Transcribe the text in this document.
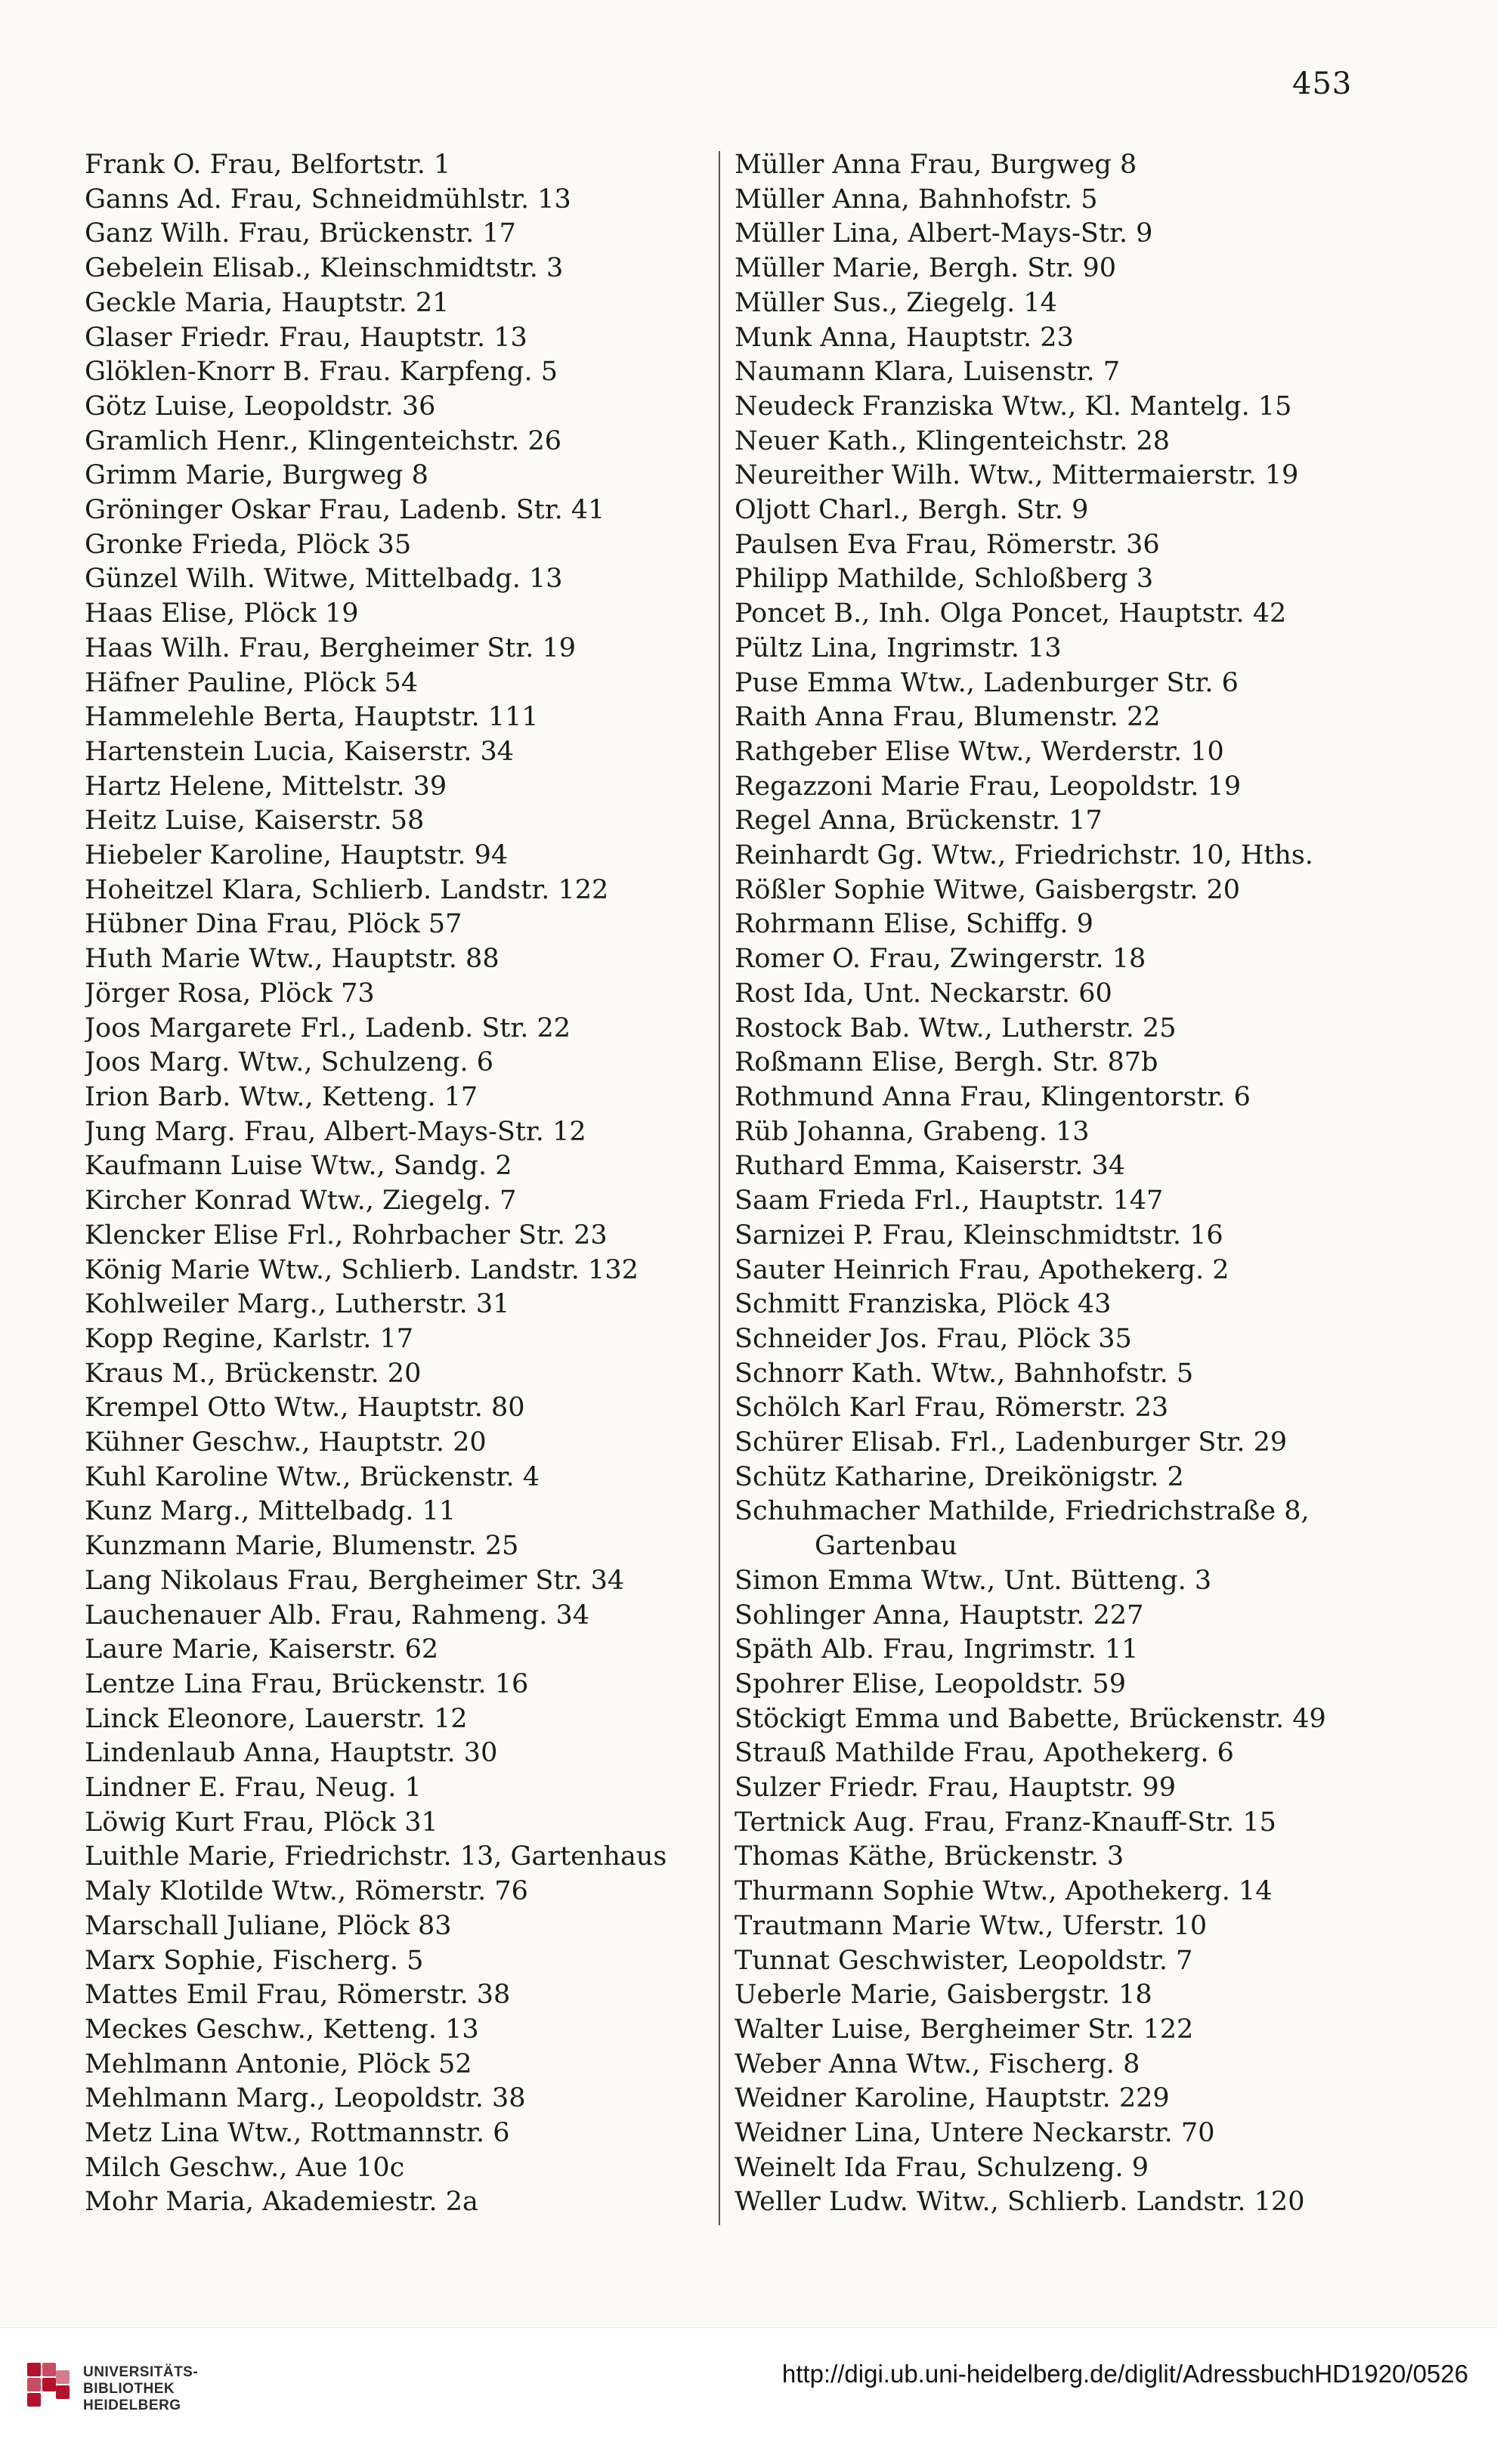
453
Frank O. Frau, Belfortstr. 1
Ganns Ad. Frau, Schneidmühlstr. 13
Ganz Wilh. Frau, Brückenstr. 17
Gebelein Elisab., Kleinschmidtstr. 3
Geckle Maria, Hauptstr. 21
Glaser Friedr. Frau, Hauptstr. 13
Glöklen-Knorr B. Frau. Karpfeng. 5
Götz Luise, Leopoldstr. 36
Gramlich Henr., Klingenteichstr. 26
Grimm Marie, Burgweg 8
Gröninger Oskar Frau, Ladenb. Str. 41
Gronke Frieda, Plöck 35
Günzel Wilh. Witwe, Mittelbadg. 13
Haas Elise, Plöck 19
Haas Wilh. Frau, Bergheimer Str. 19
Häfner Pauline, Plöck 54
Hammelehle Berta, Hauptstr. 111
Hartenstein Lucia, Kaiserstr. 34
Hartz Helene, Mittelstr. 39
Heitz Luise, Kaiserstr. 58
Hiebeler Karoline, Hauptstr. 94
Hoheitzel Klara, Schlierb. Landstr. 122
Hübner Dina Frau, Plöck 57
Huth Marie Wtw., Hauptstr. 88
Jörger Rosa, Plöck 73
Joos Margarete Frl., Ladenb. Str. 22
Joos Marg. Wtw., Schulzeng. 6
Irion Barb. Wtw., Ketteng. 17
Jung Marg. Frau, Albert-Mays-Str. 12
Kaufmann Luise Wtw., Sandg. 2
Kircher Konrad Wtw., Ziegelg. 7
Klencker Elise Frl., Rohrbacher Str. 23
König Marie Wtw., Schlierb. Landstr. 132
Kohlweiler Marg., Lutherstr. 31
Kopp Regine, Karlstr. 17
Kraus M., Brückenstr. 20
Krempel Otto Wtw., Hauptstr. 80
Kühner Geschw., Hauptstr. 20
Kuhl Karoline Wtw., Brückenstr. 4
Kunz Marg., Mittelbadg. 11
Kunzmann Marie, Blumenstr. 25
Lang Nikolaus Frau, Bergheimer Str. 34
Lauchenauer Alb. Frau, Rahmeng. 34
Laure Marie, Kaiserstr. 62
Lentze Lina Frau, Brückenstr. 16
Linck Eleonore, Lauerstr. 12
Lindenlaub Anna, Hauptstr. 30
Lindner E. Frau, Neug. 1
Löwig Kurt Frau, Plöck 31
Luithle Marie, Friedrichstr. 13, Gartenhaus
Maly Klotilde Wtw., Römerstr. 76
Marschall Juliane, Plöck 83
Marx Sophie, Fischerg. 5
Mattes Emil Frau, Römerstr. 38
Meckes Geschw., Ketteng. 13
Mehlmann Antonie, Plöck 52
Mehlmann Marg., Leopoldstr. 38
Metz Lina Wtw., Rottmannstr. 6
Milch Geschw., Aue 10c
Mohr Maria, Akademiestr. 2a
Müller Anna Frau, Burgweg 8
Müller Anna, Bahnhofstr. 5
Müller Lina, Albert-Mays-Str. 9
Müller Marie, Bergh. Str. 90
Müller Sus., Ziegelg. 14
Munk Anna, Hauptstr. 23
Naumann Klara, Luisenstr. 7
Neudeck Franziska Wtw., Kl. Mantelg. 15
Neuer Kath., Klingenteichstr. 28
Neureither Wilh. Wtw., Mittermaierstr. 19
Oljott Charl., Bergh. Str. 9
Paulsen Eva Frau, Römerstr. 36
Philipp Mathilde, Schloßberg 3
Poncet B., Inh. Olga Poncet, Hauptstr. 42
Pültz Lina, Ingrimstr. 13
Puse Emma Wtw., Ladenburger Str. 6
Raith Anna Frau, Blumenstr. 22
Rathgeber Elise Wtw., Werderstr. 10
Regazzoni Marie Frau, Leopoldstr. 19
Regel Anna, Brückenstr. 17
Reinhardt Gg. Wtw., Friedrichstr. 10, Hths.
Rößler Sophie Witwe, Gaisbergstr. 20
Rohrmann Elise, Schiffg. 9
Romer O. Frau, Zwingerstr. 18
Rost Ida, Unt. Neckarstr. 60
Rostock Bab. Wtw., Lutherstr. 25
Roßmann Elise, Bergh. Str. 87b
Rothmund Anna Frau, Klingentorstr. 6
Rüb Johanna, Grabeng. 13
Ruthard Emma, Kaiserstr. 34
Saam Frieda Frl., Hauptstr. 147
Sarnizei P. Frau, Kleinschmidtstr. 16
Sauter Heinrich Frau, Apothekerg. 2
Schmitt Franziska, Plöck 43
Schneider Jos. Frau, Plöck 35
Schnorr Kath. Wtw., Bahnhofstr. 5
Schölch Karl Frau, Römerstr. 23
Schürer Elisab. Frl., Ladenburger Str. 29
Schütz Katharine, Dreikönigstr. 2
Schuhmacher Mathilde, Friedrichstraße 8,
Gartenbau
Simon Emma Wtw., Unt. Bütteng. 3
Sohlinger Anna, Hauptstr. 227
Späth Alb. Frau, Ingrimstr. 11
Spohrer Elise, Leopoldstr. 59
Stöckigt Emma und Babette, Brückenstr. 49
Strauß Mathilde Frau, Apothekerg. 6
Sulzer Friedr. Frau, Hauptstr. 99
Tertnick Aug. Frau, Franz-Knauff-Str. 15
Thomas Käthe, Brückenstr. 3
Thurmann Sophie Wtw., Apothekerg. 14
Trautmann Marie Wtw., Uferstr. 10
Tunnat Geschwister, Leopoldstr. 7
Ueberle Marie, Gaisbergstr. 18
Walter Luise, Bergheimer Str. 122
Weber Anna Wtw., Fischerg. 8
Weidner Karoline, Hauptstr. 229
Weidner Lina, Untere Neckarstr. 70
Weinelt Ida Frau, Schulzeng. 9
Weller Ludw. Witw., Schlierb. Landstr. 120
UNIVERSITÄTS-
BIBLIOTHEK
HEIDELBERG
http://digi.ub.uni-heidelberg.de/diglit/AdressbuchHD1920/0526
